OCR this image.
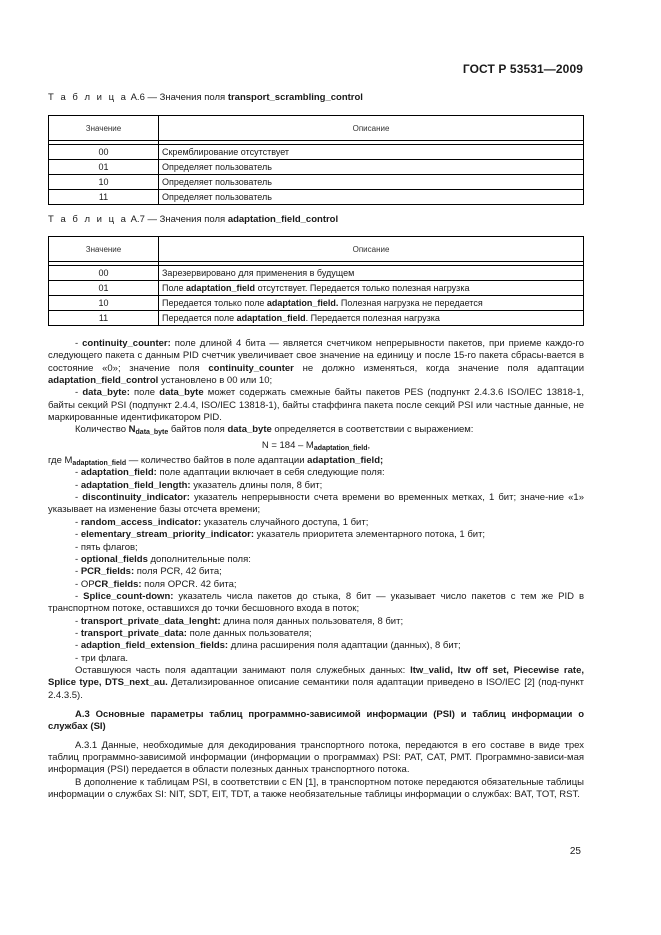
ГОСТ Р 53531—2009
Т а б л и ц а А.6 — Значения поля transport_scrambling_control
Значение	Описание

00	Скремблирование отсутствует
01	Определяет пользователь
10	Определяет пользователь
11	Определяет пользователь
Т а б л и ц а А.7 — Значения поля adaptation_field_control
Значение	Описание

00	Зарезервировано для применения в будущем
01	Поле adaptation_field отсутствует. Передается только полезная нагрузка
10	Передается только поле adaptation_field. Полезная нагрузка не передается
11	Передается поле adaptation_field. Передается полезная нагрузка

- continuity_counter: поле длиной 4 бита — является счетчиком непрерывности пакетов, при приеме каждо-го следующего пакета с данным PID счетчик увеличивает свое значение на единицу и после 15-го пакета сбрасы-вается в состояние «0»; значение поля continuity_counter не должно изменяться, когда значение поля адаптации adaptation_field_control установлено в 00 или 10;

- data_byte: поле data_byte может содержать смежные байты пакетов PES (подпункт 2.4.3.6 ISO/IEC 13818-1, байты секций PSI (подпункт 2.4.4, ISO/IEC 13818-1), байты стаффинга пакета после секций PSI или частные данные, не маркированные идентификатором PID.

Количество $N_{data\_byte}$ байтов поля data_byte определяется в соответствии с выражением:

$N = 184 - M_{adaptation\_field}$,

где $M_{adaptation\_field}$ — количество байтов в поле адаптации adaptation_field;

- adaptation_field: поле адаптации включает в себя следующие поля:

- adaptation_field_length: указатель длины поля, 8 бит;

- discontinuity_indicator: указатель непрерывности счета времени во временных метках, 1 бит; значе-ние «1» указывает на изменение базы отсчета времени;

- random_access_indicator: указатель случайного доступа, 1 бит;

- elementary_stream_priority_indicator: указатель приоритета элементарного потока, 1 бит;

- пять флагов;

- optional_fields дополнительные поля:

- PCR_fields: поля PCR, 42 бита;

- OPCR_fields: поля OPCR. 42 бита;

- Splice_count-down: указатель числа пакетов до стыка, 8 бит — указывает число пакетов с тем же PID в транспортном потоке, оставшихся до точки бесшовного входа в поток;

- transport_private_data_lenght: длина поля данных пользователя, 8 бит;

- transport_private_data: поле данных пользователя;

- adaption_field_extension_fields: длина расширения поля адаптации (данных), 8 бит;

- три флага.

Оставшуюся часть поля адаптации занимают поля служебных данных: ltw_valid, ltw off set, Piecewise rate, Splice type, DTS_next_au. Детализированное описание семантики поля адаптации приведено в ISO/IEC [2] (под-пункт 2.4.3.5).

А.3 Основные параметры таблиц программно-зависимой информации (PSI) и таблиц информации о службах (SI)

А.3.1 Данные, необходимые для декодирования транспортного потока, передаются в его составе в виде трех таблиц программно-зависимой информации (информации о программах) PSI: PAT, CAT, PMT. Программно-зависи-мая информация (PSI) передается в области полезных данных транспортного потока.

В дополнение к таблицам PSI, в соответствии с EN [1], в транспортном потоке передаются обязательные таблицы информации о службах SI: NIT, SDT, EIT, TDT, а также необязательные таблицы информации о службах: BAT, TOT, RST.

25
